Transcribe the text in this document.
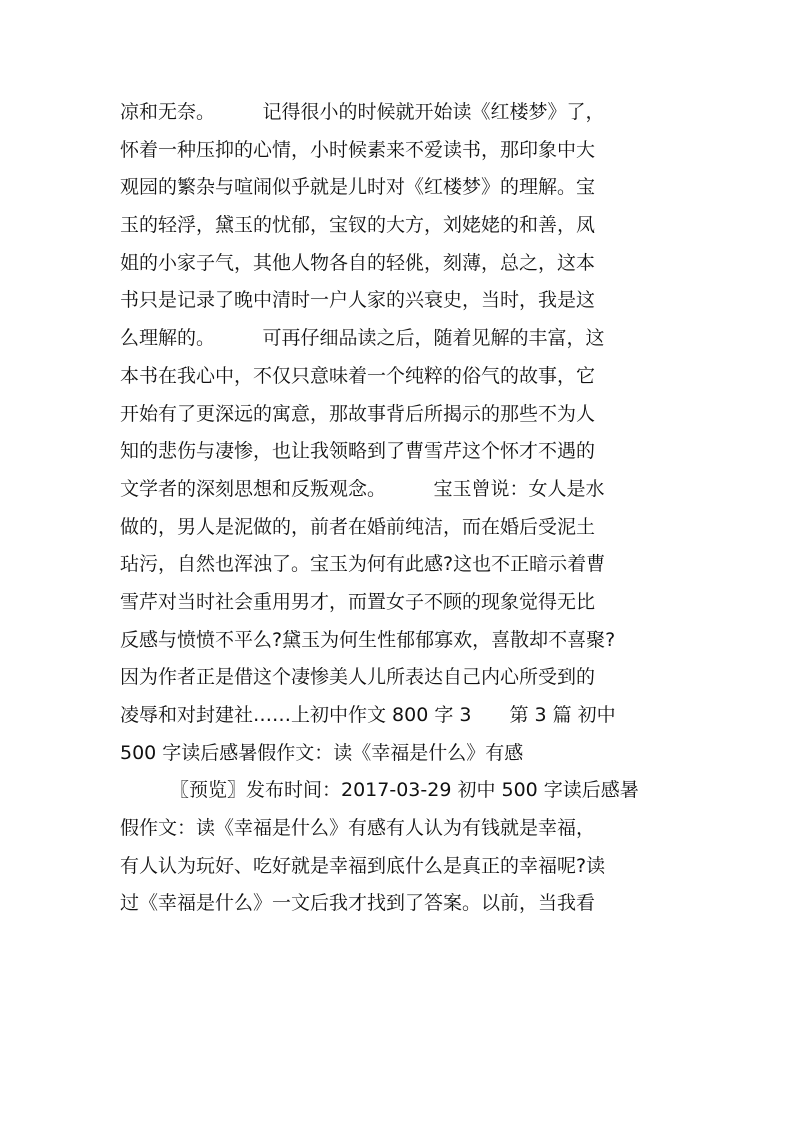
凉和无奈。　　　记得很小的时候就开始读《红楼梦》了，
怀着一种压抑的心情，小时候素来不爱读书，那印象中大
观园的繁杂与喧闹似乎就是儿时对《红楼梦》的理解。宝
玉的轻浮，黛玉的忧郁，宝钗的大方，刘姥姥的和善，凤
姐的小家子气，其他人物各自的轻佻，刻薄，总之，这本
书只是记录了晚中清时一户人家的兴衰史，当时，我是这
么理解的。　　　可再仔细品读之后，随着见解的丰富，这
本书在我心中，不仅只意味着一个纯粹的俗气的故事，它
开始有了更深远的寓意，那故事背后所揭示的那些不为人
知的悲伤与凄惨，也让我领略到了曹雪芹这个怀才不遇的
文学者的深刻思想和反叛观念。　　　宝玉曾说：女人是水
做的，男人是泥做的，前者在婚前纯洁，而在婚后受泥土
玷污，自然也浑浊了。宝玉为何有此感?这也不正暗示着曹
雪芹对当时社会重用男才，而置女子不顾的现象觉得无比
反感与愤愤不平么?黛玉为何生性郁郁寡欢，喜散却不喜聚?
因为作者正是借这个凄惨美人儿所表达自己内心所受到的
凌辱和对封建社……上初中作文 800 字 3　　第 3 篇 初中
500 字读后感暑假作文：读《幸福是什么》有感
〖预览〗发布时间：2017-03-29 初中 500 字读后感暑
假作文：读《幸福是什么》有感有人认为有钱就是幸福，
有人认为玩好、吃好就是幸福到底什么是真正的幸福呢?读
过《幸福是什么》一文后我才找到了答案。以前，当我看
